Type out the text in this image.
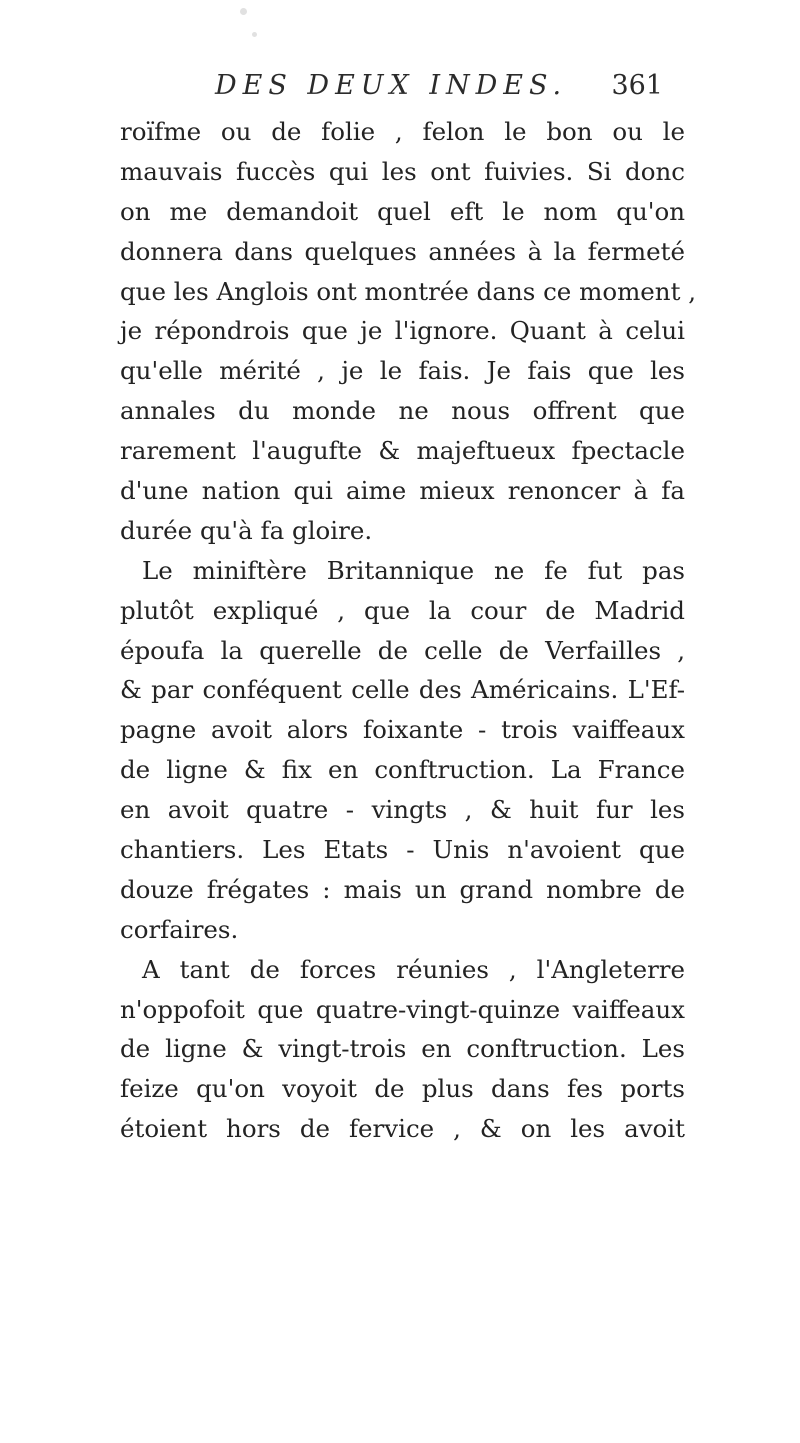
DES DEUX INDES. 361
roïfme ou de folie , felon le bon ou le
mauvais fuccès qui les ont fuivies. Si donc
on me demandoit quel eft le nom qu'on
donnera dans quelques années à la fermeté
que les Anglois ont montrée dans ce moment ,
je répondrois que je l'ignore. Quant à celui
qu'elle mérité , je le fais. Je fais que les
annales du monde ne nous offrent que
rarement l'augufte & majeftueux fpectacle
d'une nation qui aime mieux renoncer à fa
durée qu'à fa gloire.
Le miniftère Britannique ne fe fut pas
plutôt expliqué , que la cour de Madrid
époufa la querelle de celle de Verfailles ,
& par conféquent celle des Américains. L'Ef-
pagne avoit alors foixante - trois vaiffeaux
de ligne & fix en conftruction. La France
en avoit quatre - vingts , & huit fur les
chantiers. Les Etats - Unis n'avoient que
douze frégates : mais un grand nombre de
corfaires.
A tant de forces réunies , l'Angleterre
n'oppofoit que quatre-vingt-quinze vaiffeaux
de ligne & vingt-trois en conftruction. Les
feize qu'on voyoit de plus dans fes ports
étoient hors de fervice , & on les avoit
